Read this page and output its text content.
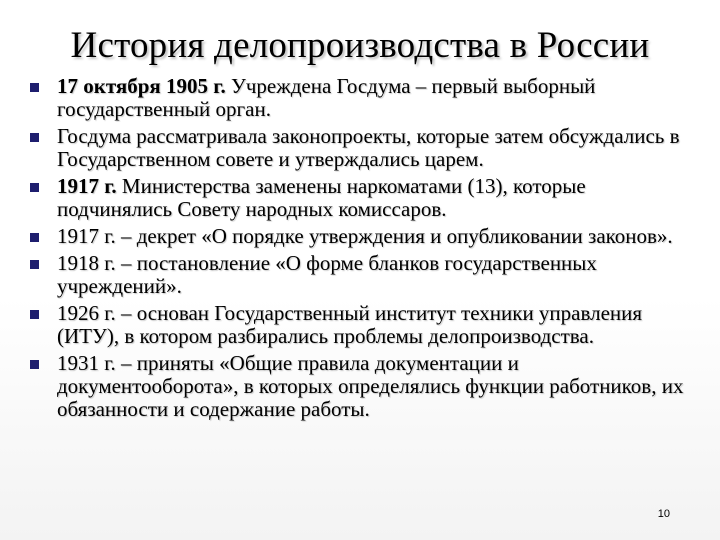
История делопроизводства в России
17 октября 1905 г. Учреждена Госдума – первый выборный государственный орган.
Госдума рассматривала законопроекты, которые затем обсуждались в Государственном совете и утверждались царем.
1917 г. Министерства заменены наркоматами (13), которые подчинялись Совету народных комиссаров.
1917 г. – декрет «О порядке утверждения и опубликовании законов».
1918 г. – постановление «О форме бланков государственных учреждений».
1926 г. – основан Государственный институт техники управления (ИТУ), в котором разбирались проблемы делопроизводства.
1931 г. – приняты «Общие правила документации и документооборота», в которых определялись функции работников, их обязанности и содержание работы.
10
